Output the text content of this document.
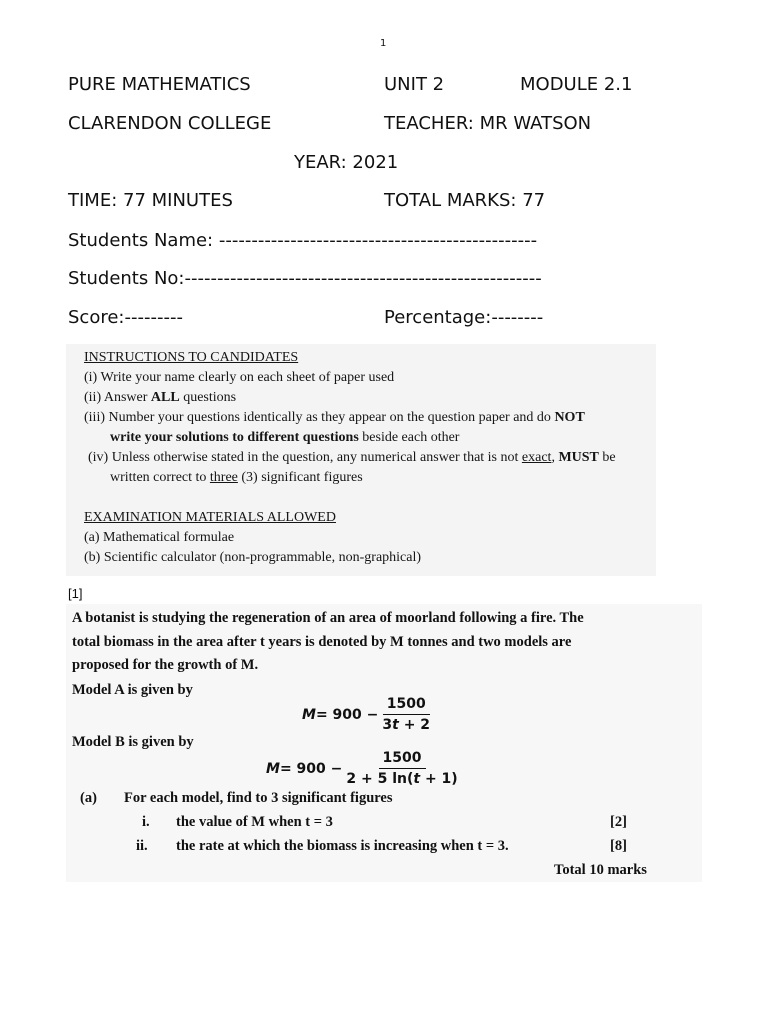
1
PURE MATHEMATICS	UNIT 2	MODULE 2.1
CLARENDON COLLEGE	TEACHER: MR WATSON
YEAR: 2021
TIME: 77 MINUTES	TOTAL MARKS: 77
Students Name: -------------------------------------------------
Students No:-------------------------------------------------------
Score:---------	Percentage:--------
INSTRUCTIONS TO CANDIDATES
(i) Write your name clearly on each sheet of paper used
(ii) Answer ALL questions
(iii) Number your questions identically as they appear on the question paper and do NOT
write your solutions to different questions beside each other
(iv) Unless otherwise stated in the question, any numerical answer that is not exact, MUST be
written correct to three (3) significant figures
EXAMINATION MATERIALS ALLOWED
(a) Mathematical formulae
(b) Scientific calculator (non-programmable, non-graphical)
[1]
A botanist is studying the regeneration of an area of moorland following a fire. The
total biomass in the area after t years is denoted by M tonnes and two models are
proposed for the growth of M.
Model A is given by
$M = 900 - \frac{1500}{3t + 2}$
Model B is given by
$M = 900 - \frac{1500}{2 + 5 \ln(t + 1)}$
(a) For each model, find to 3 significant figures
i. the value of M when t = 3	[2]
ii. the rate at which the biomass is increasing when t = 3.	[8]
Total 10 marks
